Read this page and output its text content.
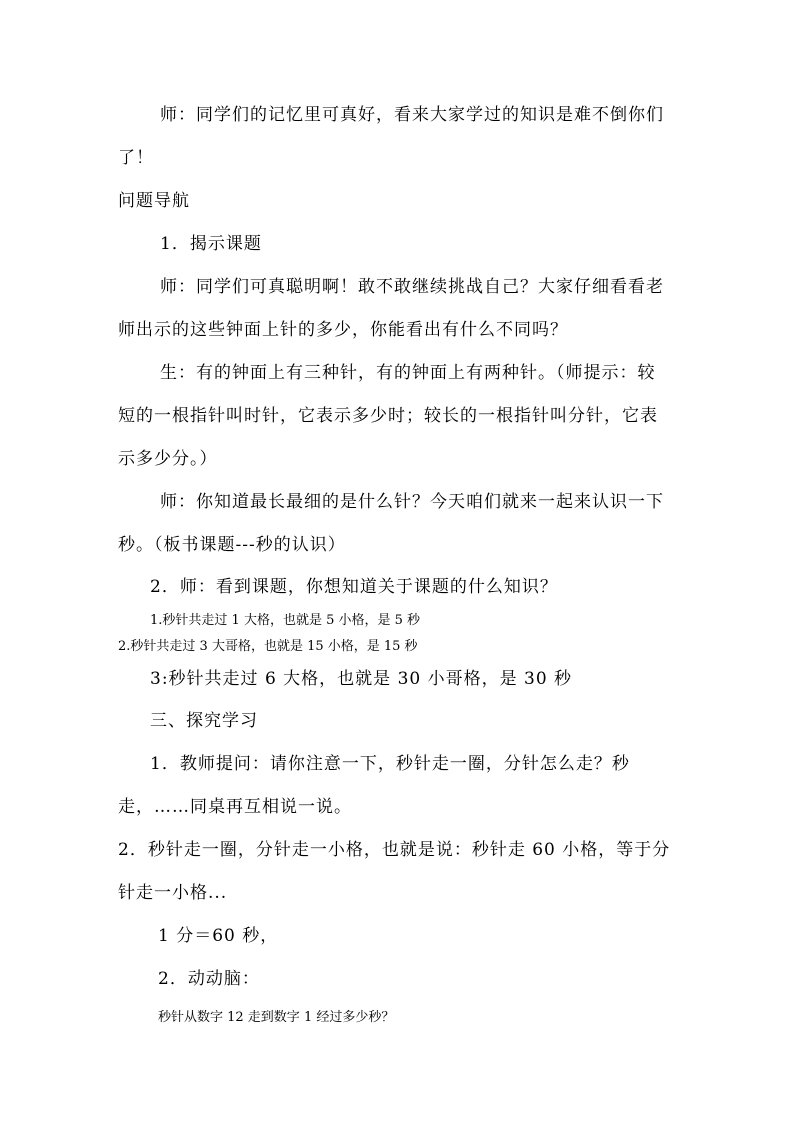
师：同学们的记忆里可真好，看来大家学过的知识是难不倒你们
了！
问题导航
1．揭示课题
师：同学们可真聪明啊！敢不敢继续挑战自己？大家仔细看看老
师出示的这些钟面上针的多少，你能看出有什么不同吗？
生：有的钟面上有三种针，有的钟面上有两种针。（师提示：较
短的一根指针叫时针，它表示多少时；较长的一根指针叫分针，它表
示多少分。）
师：你知道最长最细的是什么针？今天咱们就来一起来认识一下
秒。（板书课题---秒的认识）
2．师：看到课题，你想知道关于课题的什么知识？
1.秒针共走过 1 大格，也就是 5 小格，是 5 秒
2.秒针共走过 3 大哥格，也就是 15 小格，是 15 秒
3:秒针共走过 6 大格，也就是 30 小哥格，是 30 秒
三、探究学习
1．教师提问：请你注意一下，秒针走一圈，分针怎么走？秒
走，……同桌再互相说一说。
2．秒针走一圈，分针走一小格，也就是说：秒针走 60 小格，等于分
针走一小格...
1 分＝60 秒，
2．动动脑：
秒针从数字 12 走到数字 1 经过多少秒？
